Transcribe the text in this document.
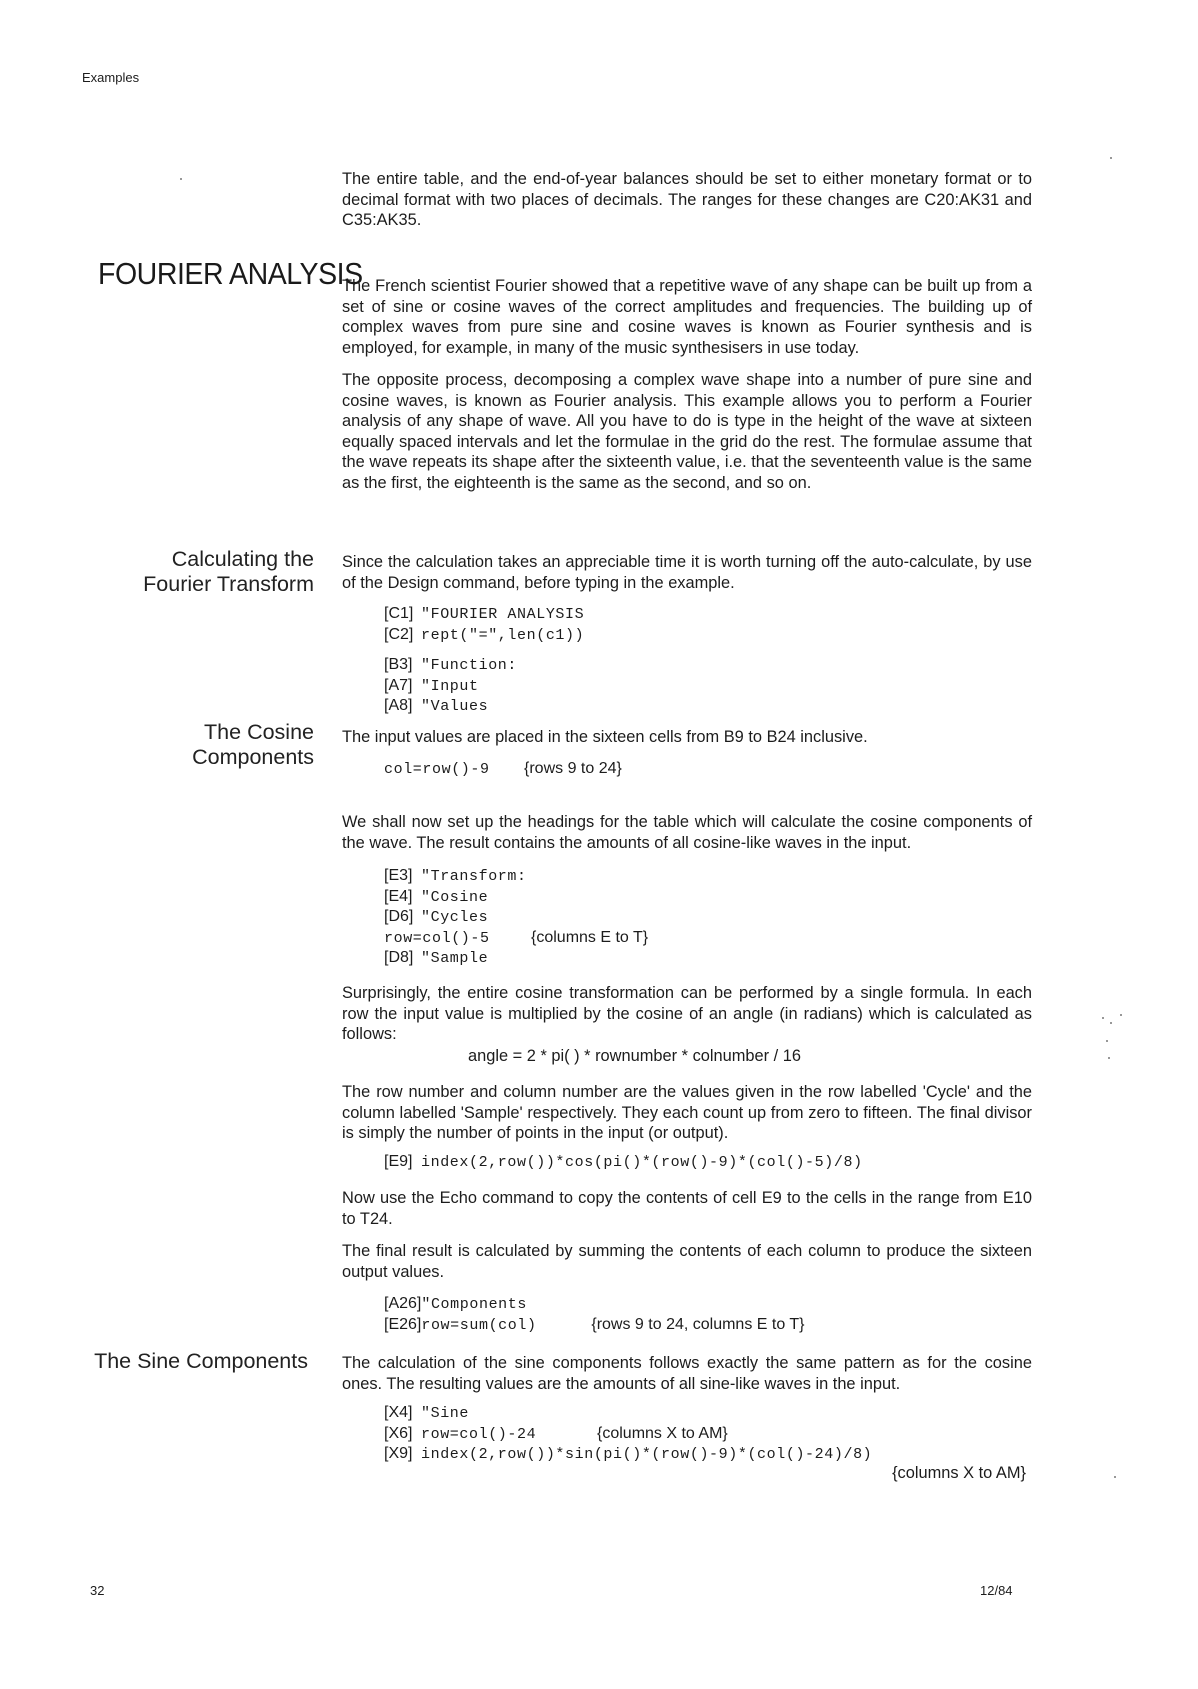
Examples

The entire table, and the end-of-year balances should be set to either monetary format or to decimal format with two places of decimals. The ranges for these changes are C20:AK31 and C35:AK35.

FOURIER ANALYSIS

The French scientist Fourier showed that a repetitive wave of any shape can be built up from a set of sine or cosine waves of the correct amplitudes and frequencies. The building up of complex waves from pure sine and cosine waves is known as Fourier synthesis and is employed, for example, in many of the music synthesisers in use today.

The opposite process, decomposing a complex wave shape into a number of pure sine and cosine waves, is known as Fourier analysis. This example allows you to perform a Fourier analysis of any shape of wave. All you have to do is type in the height of the wave at sixteen equally spaced intervals and let the formulae in the grid do the rest. The formulae assume that the wave repeats its shape after the sixteenth value, i.e. that the seventeenth value is the same as the first, the eighteenth is the same as the second, and so on.

Calculating the
Fourier Transform

Since the calculation takes an appreciable time it is worth turning off the auto-calculate, by use of the Design command, before typing in the example.

[C1] "FOURIER ANALYSIS
[C2] rept("=",len(c1))
[B3] "Function:
[A7] "Input
[A8] "Values
The Cosine
Components

The input values are placed in the sixteen cells from B9 to B24 inclusive.

col=row()-9 {rows 9 to 24}

We shall now set up the headings for the table which will calculate the cosine components of the wave. The result contains the amounts of all cosine-like waves in the input.

[E3] "Transform:
[E4] "Cosine
[D6] "Cycles
row=col()-5	{columns E to T}
[D8] "Sample

Surprisingly, the entire cosine transformation can be performed by a single formula. In each row the input value is multiplied by the cosine of an angle (in radians) which is calculated as follows:

angle = 2 * pi( ) * rownumber * colnumber / 16

The row number and column number are the values given in the row labelled 'Cycle' and the column labelled 'Sample' respectively. They each count up from zero to fifteen. The final divisor is simply the number of points in the input (or output).

[E9] index(2,row())*cos(pi()*(row()-9)*(col()-5)/8)

Now use the Echo command to copy the contents of cell E9 to the cells in the range from E10 to T24.

The final result is calculated by summing the contents of each column to produce the sixteen output values.

[A26]"Components
[E26]row=sum(col)	{rows 9 to 24, columns E to T}
The Sine Components The calculation of the sine components follows exactly the same pattern as for the cosine ones. The resulting values are the amounts of all sine-like waves in the input.

[X4] "Sine
[X6] row=col()-24	{columns X to AM}
[X9] index(2,row())*sin(pi()*(row()-9)*(col()-24)/8)
{columns X to AM}
32	12/84
